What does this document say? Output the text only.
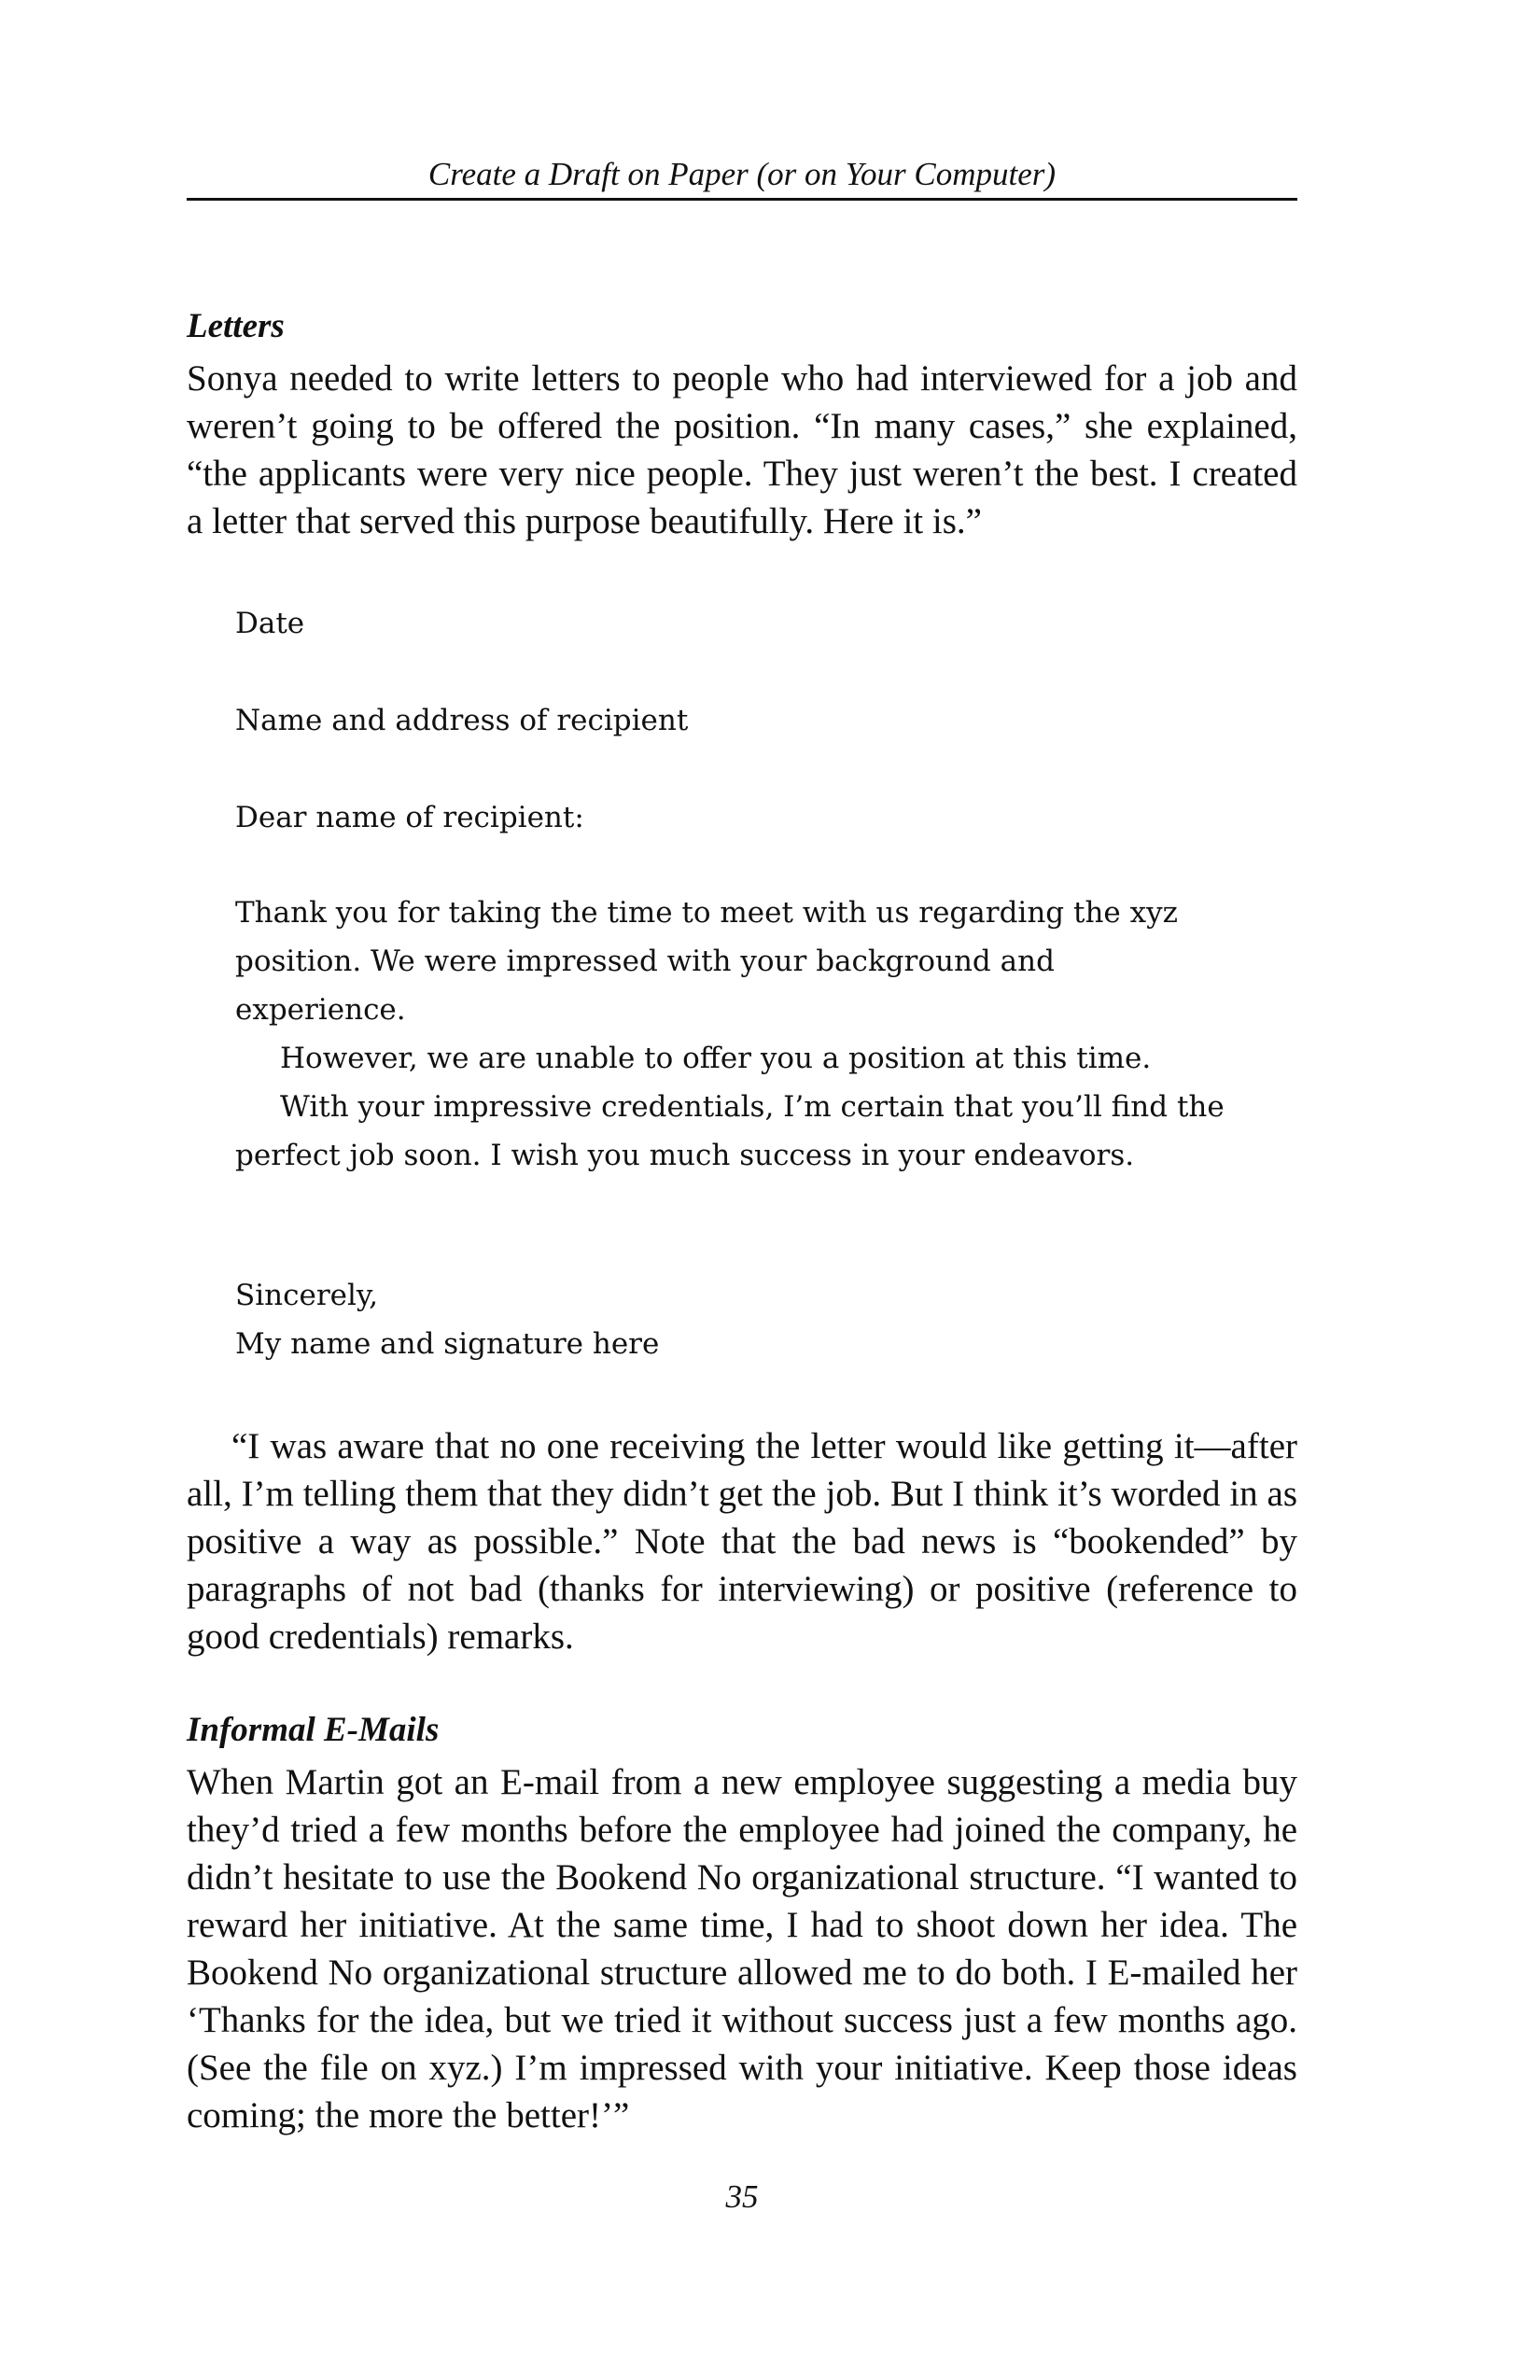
Create a Draft on Paper (or on Your Computer)
Letters

Sonya needed to write letters to people who had interviewed for a job and weren’t going to be offered the position. “In many cases,” she explained, “the applicants were very nice people. They just weren’t the best. I created a letter that served this purpose beautifully. Here it is.”

Date

Name and address of recipient

Dear name of recipient:

Thank you for taking the time to meet with us regarding the xyz position. We were impressed with your background and experience.

However, we are unable to offer you a position at this time.

With your impressive credentials, I’m certain that you’ll find the perfect job soon. I wish you much success in your endeavors.

Sincerely,

My name and signature here

“I was aware that no one receiving the letter would like getting it—after all, I’m telling them that they didn’t get the job. But I think it’s worded in as positive a way as possible.” Note that the bad news is “bookended” by paragraphs of not bad (thanks for interviewing) or positive (reference to good credentials) remarks.

Informal E-Mails

When Martin got an E-mail from a new employee suggesting a media buy they’d tried a few months before the employee had joined the company, he didn’t hesitate to use the Bookend No organizational structure. “I wanted to reward her initiative. At the same time, I had to shoot down her idea. The Bookend No organizational structure allowed me to do both. I E-mailed her ‘Thanks for the idea, but we tried it without success just a few months ago. (See the file on xyz.) I’m impressed with your initiative. Keep those ideas coming; the more the better!’”

35
